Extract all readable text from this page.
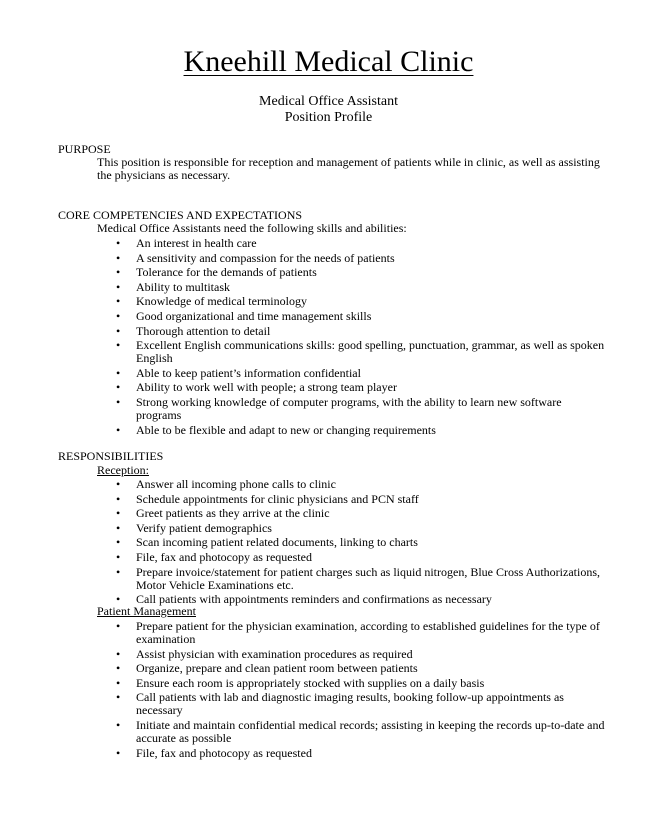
Kneehill Medical Clinic
Medical Office Assistant
Position Profile
PURPOSE
This position is responsible for reception and management of patients while in clinic, as well as assisting the physicians as necessary.
CORE COMPETENCIES AND EXPECTATIONS
Medical Office Assistants need the following skills and abilities:
• An interest in health care
• A sensitivity and compassion for the needs of patients
• Tolerance for the demands of patients
• Ability to multitask
• Knowledge of medical terminology
• Good organizational and time management skills
• Thorough attention to detail
• Excellent English communications skills: good spelling, punctuation, grammar, as well as spoken English
• Able to keep patient’s information confidential
• Ability to work well with people; a strong team player
• Strong working knowledge of computer programs, with the ability to learn new software programs
• Able to be flexible and adapt to new or changing requirements
RESPONSIBILITIES
Reception:
• Answer all incoming phone calls to clinic
• Schedule appointments for clinic physicians and PCN staff
• Greet patients as they arrive at the clinic
• Verify patient demographics
• Scan incoming patient related documents, linking to charts
• File, fax and photocopy as requested
• Prepare invoice/statement for patient charges such as liquid nitrogen, Blue Cross Authorizations, Motor Vehicle Examinations etc.
• Call patients with appointments reminders and confirmations as necessary
Patient Management
• Prepare patient for the physician examination, according to established guidelines for the type of examination
• Assist physician with examination procedures as required
• Organize, prepare and clean patient room between patients
• Ensure each room is appropriately stocked with supplies on a daily basis
• Call patients with lab and diagnostic imaging results, booking follow-up appointments as necessary
• Initiate and maintain confidential medical records; assisting in keeping the records up-to-date and accurate as possible
• File, fax and photocopy as requested
